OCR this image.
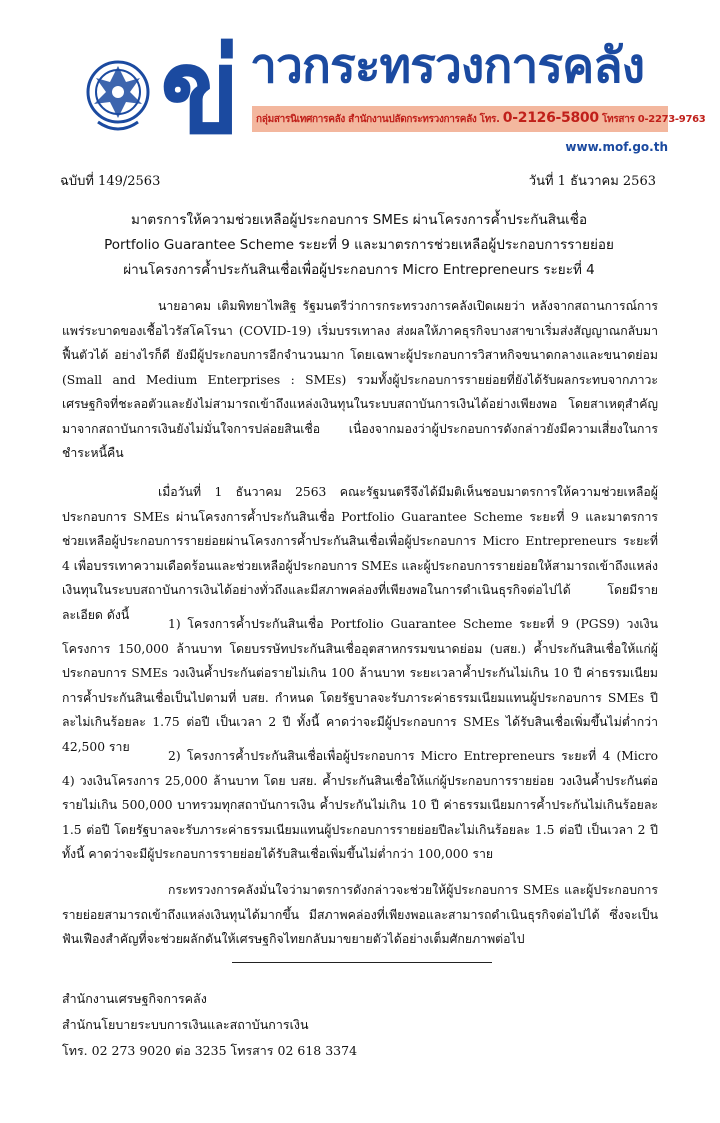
ข่ าวกระทรวงการคลัง
กลุ่มสารนิเทศการคลัง สำนักงานปลัดกระทรวงการคลัง โทร. 0-2126-5800 โทรสาร 0-2273-9763
www.mof.go.th
ฉบับที่ 149/2563	วันที่ 1 ธันวาคม 2563
มาตรการให้ความช่วยเหลือผู้ประกอบการ SMEs ผ่านโครงการค้ำประกันสินเชื่อ
Portfolio Guarantee Scheme ระยะที่ 9 และมาตรการช่วยเหลือผู้ประกอบการรายย่อย
ผ่านโครงการค้ำประกันสินเชื่อเพื่อผู้ประกอบการ Micro Entrepreneurs ระยะที่ 4

นายอาคม เติมพิทยาไพสิฐ รัฐมนตรีว่าการกระทรวงการคลังเปิดเผยว่า หลังจากสถานการณ์การแพร่ระบาดของเชื้อไวรัสโคโรนา (COVID-19) เริ่มบรรเทาลง ส่งผลให้ภาคธุรกิจบางสาขาเริ่มส่งสัญญาณกลับมาฟื้นตัวได้ อย่างไรก็ดี ยังมีผู้ประกอบการอีกจำนวนมาก โดยเฉพาะผู้ประกอบการวิสาหกิจขนาดกลางและขนาดย่อม (Small and Medium Enterprises : SMEs) รวมทั้งผู้ประกอบการรายย่อยที่ยังได้รับผลกระทบจากภาวะเศรษฐกิจที่ชะลอตัวและยังไม่สามารถเข้าถึงแหล่งเงินทุนในระบบสถาบันการเงินได้อย่างเพียงพอ โดยสาเหตุสำคัญมาจากสถาบันการเงินยังไม่มั่นใจการปล่อยสินเชื่อ เนื่องจากมองว่าผู้ประกอบการดังกล่าวยังมีความเสี่ยงในการชำระหนี้คืน

เมื่อวันที่ 1 ธันวาคม 2563 คณะรัฐมนตรีจึงได้มีมติเห็นชอบมาตรการให้ความช่วยเหลือผู้ประกอบการ SMEs ผ่านโครงการค้ำประกันสินเชื่อ Portfolio Guarantee Scheme ระยะที่ 9 และมาตรการช่วยเหลือผู้ประกอบการรายย่อยผ่านโครงการค้ำประกันสินเชื่อเพื่อผู้ประกอบการ Micro Entrepreneurs ระยะที่ 4 เพื่อบรรเทาความเดือดร้อนและช่วยเหลือผู้ประกอบการ SMEs และผู้ประกอบการรายย่อยให้สามารถเข้าถึงแหล่งเงินทุนในระบบสถาบันการเงินได้อย่างทั่วถึงและมีสภาพคล่องที่เพียงพอในการดำเนินธุรกิจต่อไปได้ โดยมีรายละเอียด ดังนี้

1) โครงการค้ำประกันสินเชื่อ Portfolio Guarantee Scheme ระยะที่ 9 (PGS9) วงเงินโครงการ 150,000 ล้านบาท โดยบรรษัทประกันสินเชื่ออุตสาหกรรมขนาดย่อม (บสย.) ค้ำประกันสินเชื่อให้แก่ผู้ประกอบการ SMEs วงเงินค้ำประกันต่อรายไม่เกิน 100 ล้านบาท ระยะเวลาค้ำประกันไม่เกิน 10 ปี ค่าธรรมเนียมการค้ำประกันสินเชื่อเป็นไปตามที่ บสย. กำหนด โดยรัฐบาลจะรับภาระค่าธรรมเนียมแทนผู้ประกอบการ SMEs ปีละไม่เกินร้อยละ 1.75 ต่อปี เป็นเวลา 2 ปี ทั้งนี้ คาดว่าจะมีผู้ประกอบการ SMEs ได้รับสินเชื่อเพิ่มขึ้นไม่ต่ำกว่า 42,500 ราย

2) โครงการค้ำประกันสินเชื่อเพื่อผู้ประกอบการ Micro Entrepreneurs ระยะที่ 4 (Micro 4) วงเงินโครงการ 25,000 ล้านบาท โดย บสย. ค้ำประกันสินเชื่อให้แก่ผู้ประกอบการรายย่อย วงเงินค้ำประกันต่อรายไม่เกิน 500,000 บาทรวมทุกสถาบันการเงิน ค้ำประกันไม่เกิน 10 ปี ค่าธรรมเนียมการค้ำประกันไม่เกินร้อยละ 1.5 ต่อปี โดยรัฐบาลจะรับภาระค่าธรรมเนียมแทนผู้ประกอบการรายย่อยปีละไม่เกินร้อยละ 1.5 ต่อปี เป็นเวลา 2 ปี ทั้งนี้ คาดว่าจะมีผู้ประกอบการรายย่อยได้รับสินเชื่อเพิ่มขึ้นไม่ต่ำกว่า 100,000 ราย

กระทรวงการคลังมั่นใจว่ามาตรการดังกล่าวจะช่วยให้ผู้ประกอบการ SMEs และผู้ประกอบการรายย่อยสามารถเข้าถึงแหล่งเงินทุนได้มากขึ้น มีสภาพคล่องที่เพียงพอและสามารถดำเนินธุรกิจต่อไปได้ ซึ่งจะเป็นฟันเฟืองสำคัญที่จะช่วยผลักดันให้เศรษฐกิจไทยกลับมาขยายตัวได้อย่างเต็มศักยภาพต่อไป

สำนักงานเศรษฐกิจการคลัง
สำนักนโยบายระบบการเงินและสถาบันการเงิน
โทร. 02 273 9020 ต่อ 3235 โทรสาร 02 618 3374
